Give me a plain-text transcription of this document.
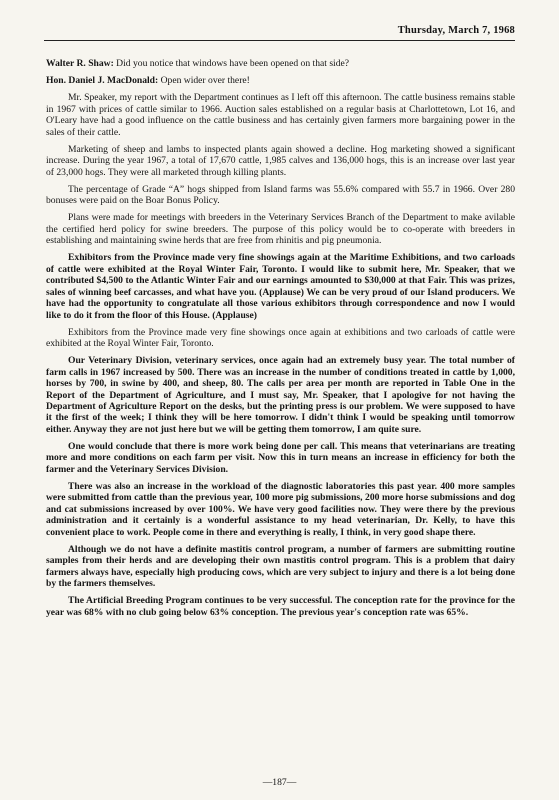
Thursday, March 7, 1968

Walter R. Shaw: Did you notice that windows have been opened on that side?

Hon. Daniel J. MacDonald: Open wider over there!

Mr. Speaker, my report with the Department continues as I left off this afternoon. The cattle business remains stable in 1967 with prices of cattle similar to 1966. Auction sales established on a regular basis at Charlottetown, Lot 16, and O'Leary have had a good influence on the cattle business and has certainly given farmers more bargaining power in the sales of their cattle.

Marketing of sheep and lambs to inspected plants again showed a decline. Hog marketing showed a significant increase. During the year 1967, a total of 17,670 cattle, 1,985 calves and 136,000 hogs, this is an increase over last year of 23,000 hogs. They were all marketed through killing plants.

The percentage of Grade “A” hogs shipped from Island farms was 55.6% compared with 55.7 in 1966. Over 280 bonuses were paid on the Boar Bonus Policy.

Plans were made for meetings with breeders in the Veterinary Services Branch of the Department to make avilable the certified herd policy for swine breeders. The purpose of this policy would be to co-operate with breeders in establishing and maintaining swine herds that are free from rhinitis and pig pneumonia.

Exhibitors from the Province made very fine showings again at the Maritime Exhibitions, and two carloads of cattle were exhibited at the Royal Winter Fair, Toronto. I would like to submit here, Mr. Speaker, that we contributed $4,500 to the Atlantic Winter Fair and our earnings amounted to $30,000 at that Fair. This was prizes, sales of winning beef carcasses, and what have you. (Applause) We can be very proud of our Island producers. We have had the opportunity to congratulate all those various exhibitors through correspondence and now I would like to do it from the floor of this House. (Applause)

Exhibitors from the Province made very fine showings once again at exhibitions and two carloads of cattle were exhibited at the Royal Winter Fair, Toronto.

Our Veterinary Division, veterinary services, once again had an extremely busy year. The total number of farm calls in 1967 increased by 500. There was an increase in the number of conditions treated in cattle by 1,000, horses by 700, in swine by 400, and sheep, 80. The calls per area per month are reported in Table One in the Report of the Department of Agriculture, and I must say, Mr. Speaker, that I apologive for not having the Department of Agriculture Report on the desks, but the printing press is our problem. We were supposed to have it the first of the week; I think they will be here tomorrow. I didn't think I would be speaking until tomorrow either. Anyway they are not just here but we will be getting them tomorrow, I am quite sure.

One would conclude that there is more work being done per call. This means that veterinarians are treating more and more conditions on each farm per visit. Now this in turn means an increase in efficiency for both the farmer and the Veterinary Services Division.

There was also an increase in the workload of the diagnostic laboratories this past year. 400 more samples were submitted from cattle than the previous year, 100 more pig submissions, 200 more horse submissions and dog and cat submissions increased by over 100%. We have very good facilities now. They were there by the previous administration and it certainly is a wonderful assistance to my head veterinarian, Dr. Kelly, to have this convenient place to work. People come in there and everything is really, I think, in very good shape there.

Although we do not have a definite mastitis control program, a number of farmers are submitting routine samples from their herds and are developing their own mastitis control program. This is a problem that dairy farmers always have, especially high producing cows, which are very subject to injury and there is a lot being done by the farmers themselves.

The Artificial Breeding Program continues to be very successful. The conception rate for the province for the year was 68% with no club going below 63% conception. The previous year's conception rate was 65%.

—187—
